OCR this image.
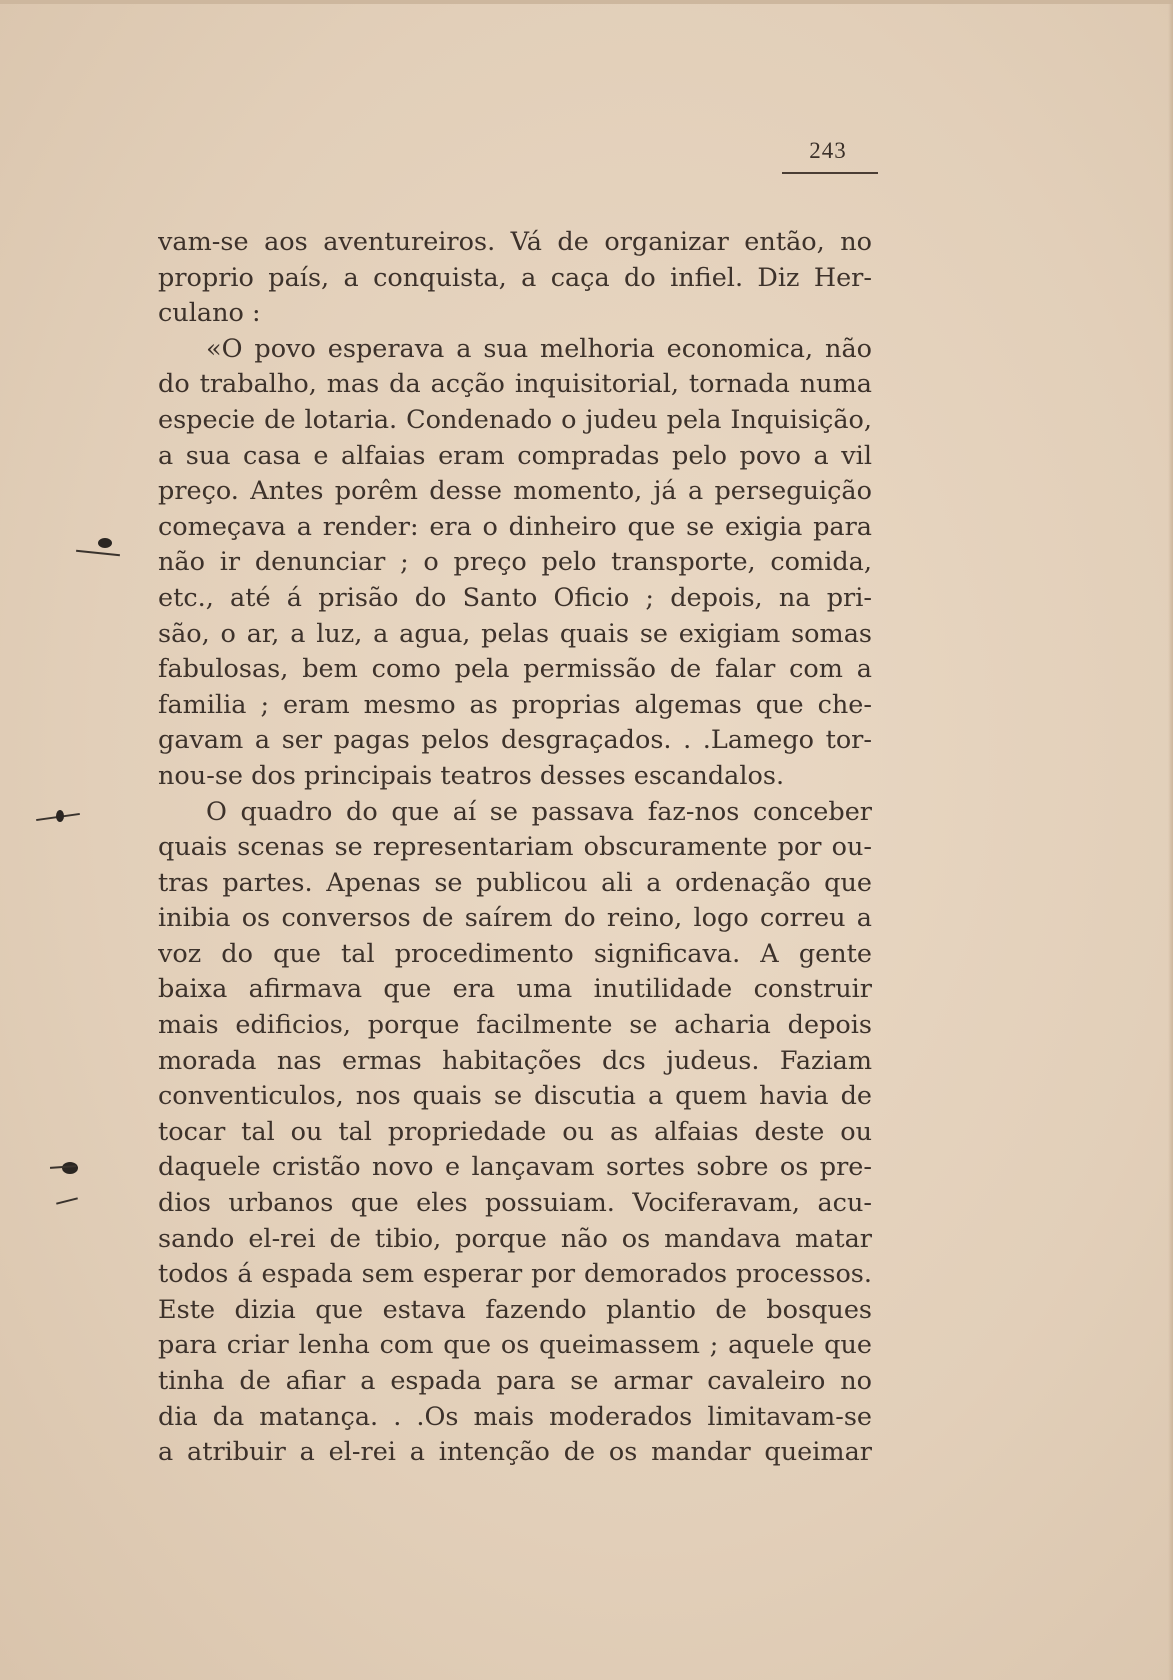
243
vam-se aos aventureiros. Vá de organizar então, no
proprio país, a conquista, a caça do infiel. Diz Her-
culano :
«O povo esperava a sua melhoria economica, não
do trabalho, mas da acção inquisitorial, tornada numa
especie de lotaria. Condenado o judeu pela Inquisição,
a sua casa e alfaias eram compradas pelo povo a vil
preço. Antes porêm desse momento, já a perseguição
começava a render: era o dinheiro que se exigia para
não ir denunciar ; o preço pelo transporte, comida,
etc., até á prisão do Santo Oficio ; depois, na pri-
são, o ar, a luz, a agua, pelas quais se exigiam somas
fabulosas, bem como pela permissão de falar com a
familia ; eram mesmo as proprias algemas que che-
gavam a ser pagas pelos desgraçados. . .Lamego tor-
nou-se dos principais teatros desses escandalos.
O quadro do que aí se passava faz-nos conceber
quais scenas se representariam obscuramente por ou-
tras partes. Apenas se publicou ali a ordenação que
inibia os conversos de saírem do reino, logo correu a
voz do que tal procedimento significava. A gente
baixa afirmava que era uma inutilidade construir
mais edificios, porque facilmente se acharia depois
morada nas ermas habitações dcs judeus. Faziam
conventiculos, nos quais se discutia a quem havia de
tocar tal ou tal propriedade ou as alfaias deste ou
daquele cristão novo e lançavam sortes sobre os pre-
dios urbanos que eles possuiam. Vociferavam, acu-
sando el-rei de tibio, porque não os mandava matar
todos á espada sem esperar por demorados processos.
Este dizia que estava fazendo plantio de bosques
para criar lenha com que os queimassem ; aquele que
tinha de afiar a espada para se armar cavaleiro no
dia da matança. . .Os mais moderados limitavam-se
a atribuir a el-rei a intenção de os mandar queimar
